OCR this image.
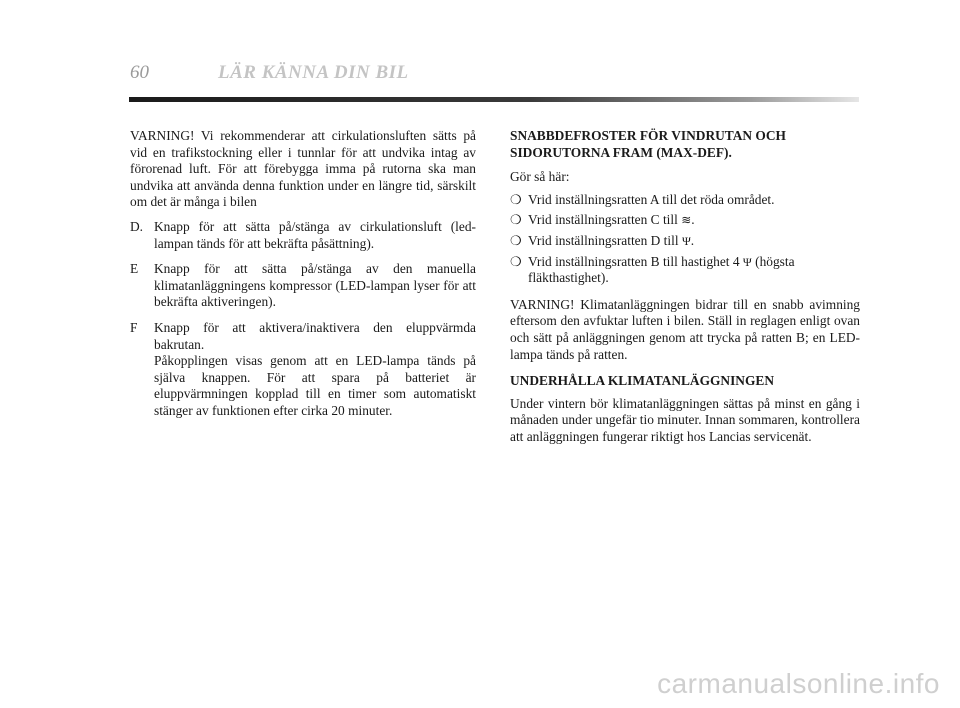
60	LÄR KÄNNA DIN BIL

VARNING! Vi rekommenderar att cirkulationsluften sätts på vid en trafikstockning eller i tunnlar för att undvika intag av förorenad luft. För att förebygga imma på rutorna ska man undvika att använda denna funktion under en längre tid, särskilt om det är många i bilen

D. Knapp för att sätta på/stänga av cirkulationsluft (led-lampan tänds för att bekräfta påsättning).
E	Knapp för att sätta på/stänga av den manuella klimatanläggningens kompressor (LED-lampan lyser för att bekräfta aktiveringen).
F	Knapp för att aktivera/inaktivera den eluppvärmda bakrutan.
Påkopplingen visas genom att en LED-lampa tänds på själva knappen. För att spara på batteriet är eluppvärmningen kopplad till en timer som automatiskt stänger av funktionen efter cirka 20 minuter.

SNABBDEFROSTER FÖR VINDRUTAN OCH SIDORUTORNA FRAM (MAX-DEF).

Gör så här:

❍ Vrid inställningsratten A till det röda området.
❍ Vrid inställningsratten C till ≋.
❍ Vrid inställningsratten D till Ψ.
❍ Vrid inställningsratten B till hastighet 4 Ψ (högsta fläkthastighet).

VARNING! Klimatanläggningen bidrar till en snabb avimning eftersom den avfuktar luften i bilen. Ställ in reglagen enligt ovan och sätt på anläggningen genom att trycka på ratten B; en LED-lampa tänds på ratten.

UNDERHÅLLA KLIMATANLÄGGNINGEN

Under vintern bör klimatanläggningen sättas på minst en gång i månaden under ungefär tio minuter. Innan sommaren, kontrollera att anläggningen fungerar riktigt hos Lancias servicenät.

carmanualsonline.info
